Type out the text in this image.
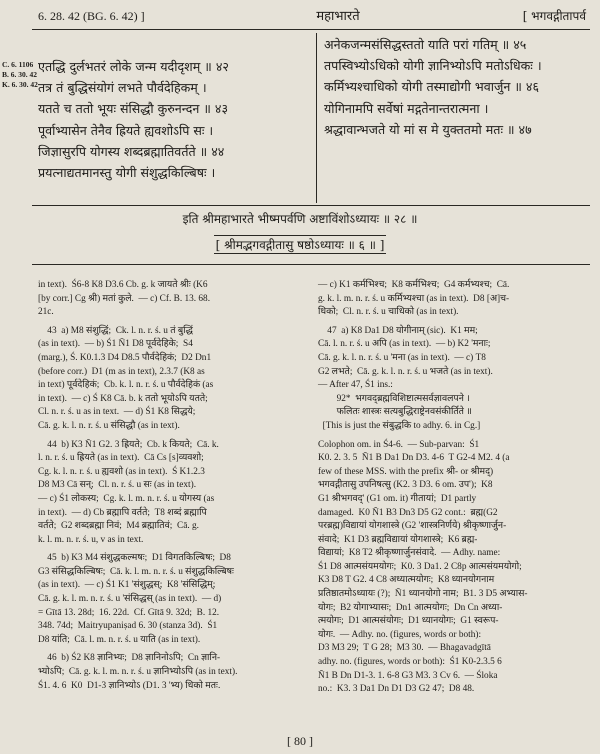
6. 28. 42 (BG. 6. 42) ]	महाभारते	[ भगवद्गीतापर्व
C. 6. 1106
B. 6. 30. 42
K. 6. 30. 42
एतद्धि दुर्लभतरं लोके जन्म यदीदृशम् ॥ ४२
तत्र तं बुद्धिसंयोगं लभते पौर्वदेहिकम् ।
यतते च ततो भूयः संसिद्धौ कुरुनन्दन ॥ ४३
पूर्वाभ्यासेन तेनैव ह्रियते ह्यवशोऽपि सः ।
जिज्ञासुरपि योगस्य शब्दब्रह्मातिवर्तते ॥ ४४
प्रयत्नाद्यतमानस्तु योगी संशुद्धकिल्बिषः ।
अनेकजन्मसंसिद्धस्ततो याति परां गतिम् ॥ ४५
तपस्विभ्योऽधिको योगी ज्ञानिभ्योऽपि मतोऽधिकः ।
कर्मिभ्यश्चाधिको योगी तस्माद्योगी भवार्जुन ॥ ४६
योगिनामपि सर्वेषां मद्गतेनान्तरात्मना ।
श्रद्धावान्भजते यो मां स मे युक्ततमो मतः ॥ ४७
इति श्रीमहाभारते भीष्मपर्वणि अष्टाविंशोऽध्यायः ॥ २८ ॥
[ श्रीमद्भगवद्गीतासु षष्ठोऽध्यायः ॥ ६ ॥ ]
in text).  Ś6-8 K8 D3.6 Cb. g. k जायते श्रीः (K6
[by corr.] Cg श्री) मतां कुले.  — c) Cf. B. 13. 68.
21c.
43  a) M8 संशुद्धिं;  Ck. l. n. r. ś. u तं बुद्धिं
(as in text).  — b) Ś1 Ñ1 D8 पूर्वदेहिके;  S4
(marg.), Ś. K0.1.3 D4 D8.5 पौर्वदेहिकं;  D2 Dn1
(before corr.)  D1 (m as in text), 2.3.7 (K8 as
in text) पूर्वदेहिकं;  Cb. k. l. n. r. ś. u पौर्वदेहिकं (as
in text).  — c) Ś K8 Cā. b. k ततो भूयोऽपि यतते;
Cl. n. r. ś. u as in text.  — d) Ś1 K8 सिद्धये;
Cā. g. k. l. n. r. ś. u संसिद्धौ (as in text).
44  b) K3 Ñ1 G2. 3 ह्रियते;  Cb. k कियते;  Cā. k.
l. n. r. ś. u ह्रियते (as in text).  Cā Cs [s]व्यवशो;
Cg. k. l. n. r. ś. u ह्यवशो (as in text).  Ś K1.2.3
D8 M3 Cā सन्;  Cl. n. r. ś. u सः (as in text).
— c) Ś1 लोकस्य;  Cg. k. l. m. n. r. ś. u योगस्य (as
in text).  — d) Cb ब्रह्मापि वर्तते;  T8 शब्दं ब्रह्मापि
वर्तते;  G2 शब्दब्रह्मा निवं;  M4 ब्रह्मातिवं;  Cā. g.
k. l. m. n. r. ś. u, v as in text.
45  b) K3 M4 संशुद्धकल्मषः;  D1 विगतकिल्बिषः;  D8
G3 संसिद्धकिल्बिषः;  Cā. k. l. m. n. r. ś. u संशुद्धकिल्बिषः
(as in text).  — c) Ś1 K1 'संशुद्धस्;  K8 'संसिद्धिम्;
Cā. g. k. l. m. n. r. ś. u 'संसिद्धस् (as in text).  — d)
= Gītā 13. 28d;  16. 22d.  Cf. Gītā 9. 32d;  B. 12.
348. 74d;  Maitryupaniṣad 6. 30 (stanza 3d).  Ś1
D8 यांति;  Cā. l. m. n. r. ś. u याति (as in text).
46  b) Ś2 K8 ज्ञानिभ्यः;  D8 ज्ञानिनोऽपि;  Cn ज्ञानि-
भ्योऽपि;  Cā. g. k. l. m. n. r. ś. u ज्ञानिभ्योऽपि (as in text).
Ś1. 4. 6  K0  D1-3 ज्ञानिभ्योऽ (D1. 3 'भ्य) धिको मतः.
— c) K1 कर्मभिश्च;  K8 कर्मभिश्च;  G4 कर्मभ्यश्च;  Cā.
g. k. l. m. n. r. ś. u कर्मिभ्यश्चा (as in text).  D8 [अ]च-
धिको;  Cl. n. r. ś. u चाधिको (as in text).
47  a) K8 Da1 D8 योगीनाम् (sic).  K1 मम;
Cā. l. n. r. ś. u अपि (as in text).  — b) K2 'मनाः;
Cā. g. k. l. n. r. ś. u 'मना (as in text).  — c) T8
G2 लभते;  Cā. g. k. l. n. r. ś. u भजते (as in text).
— After 47, Ś1 ins.:
92*  भगवद्ब्रह्मविशिष्टात्मसर्वज्ञावलपने ।
फलितः शास्त्रः सत्यबुद्धिराष्ट्रेनवसंकीर्तिते ॥
[This is just the संबुद्धकि to adhy. 6. in Cg.]
Colophon om. in Ś4-6.  — Sub-parvan:  Ś1
K0. 2. 3. 5  Ñ1 B Da1 Dn D3. 4-6  T G2-4 M2. 4 (a
few of these MSS. with the prefix श्री- or श्रीमद्)
भगवद्गीतासु उपनिषत्सु (K2. 3 D3. 6 om. उप');  K8
G1 श्रीभगवद्' (G1 om. it) गीतायां;  D1 partly
damaged.  K0 Ñ1 B3 Dn3 D5 G2 cont.:  ब्रह्म(G2
परब्रह्म)विद्यायां योगशास्त्रे (G2 'शास्त्रनिर्णये) श्रीकृष्णार्जुन-
संवादे;  K1 D3 ब्रह्मविद्यायां योगशास्त्रे;  K6 ब्रह्म-
विद्यायां;  K8 T2 श्रीकृष्णार्जुनसंवादे.  — Adhy. name:
Ś1 D8 आत्मसंयमयोगः;  K0. 3 Da1. 2 C8p आत्मसंयमयोगो;
K3 D8 T G2. 4 C8 अध्यात्मयोगः;  K8 ध्यानयोगनाम
प्रतिष्ठातमोऽध्यायः (?);  Ñ1 ध्यानयोगो नाम;  B1. 3 D5 अभ्यास-
योगः;  B2 योगाभ्यासः;  Dn1 आत्मयोगः;  Dn Cn अध्या-
त्मयोगः;  D1 आत्मसंयोगः;  D1 ध्यानयोगः;  G1 स्वरूप-
योगः.  — Adhy. no. (figures, words or both):
D3 M3 29;  T G 28;  M3 30.  — Bhagavadgītā
adhy. no. (figures, words or both):  Ś1 K0-2.3.5 6
Ñ1 B Dn D1-3. 1. 6-8 G3 M3. 3 Cv 6.  — Śloka
no.:  K3. 3 Da1 Dn D1 D3 G2 47;  D8 48.
[ 80 ]
